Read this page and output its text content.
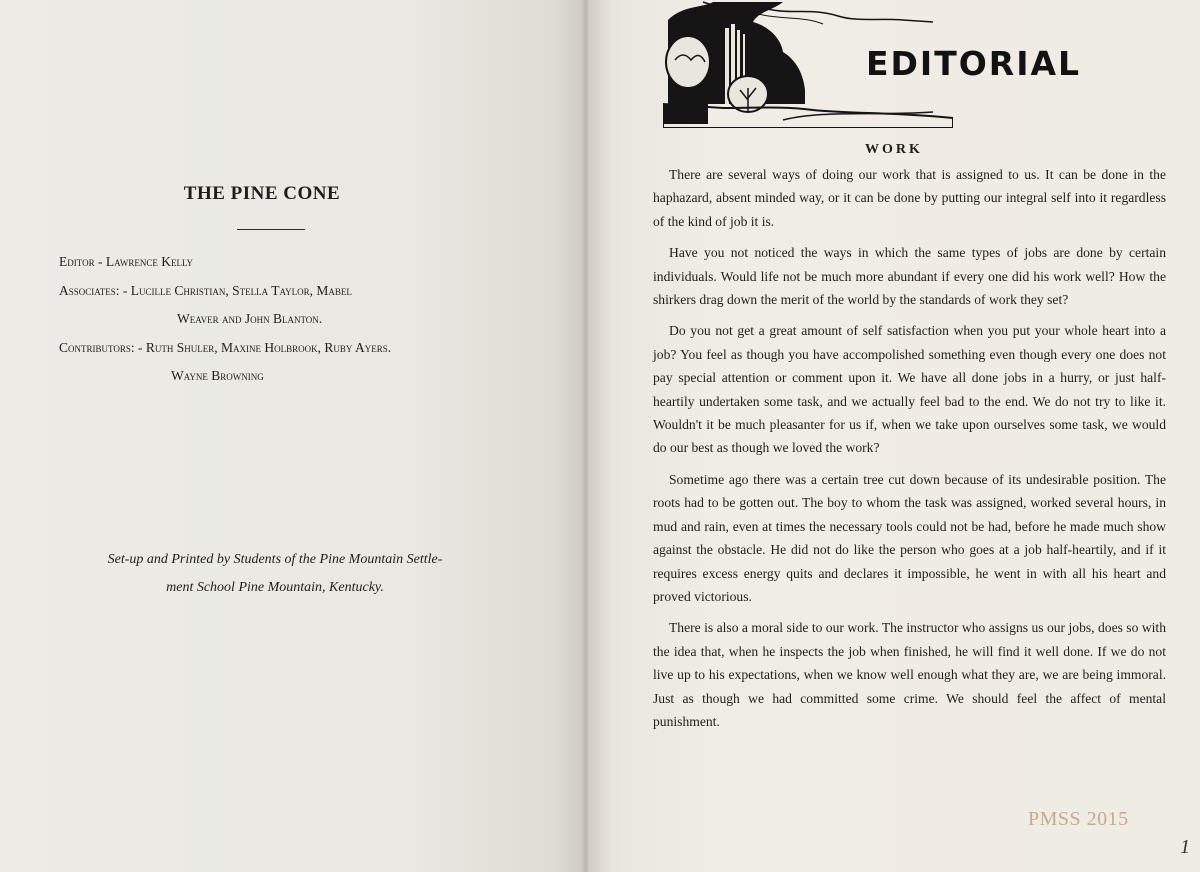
THE PINE CONE
Editor - Lawrence Kelly
Associates: - Lucille Christian, Stella Taylor, Mabel
Weaver and John Blanton.
Contributors: - Ruth Shuler, Maxine Holbrook, Ruby Ayers.
Wayne Browning
Set-up and Printed by Students of the Pine Mountain Settle-
ment School Pine Mountain, Kentucky.
EDITORIAL
WORK

There are several ways of doing our work that is assigned to us. It can be done in the haphazard, absent minded way, or it can be done by putting our integral self into it regardless of the kind of job it is.

Have you not noticed the ways in which the same types of jobs are done by certain individuals. Would life not be much more abundant if every one did his work well? How the shirkers drag down the merit of the world by the standards of work they set?

Do you not get a great amount of self satisfaction when you put your whole heart into a job? You feel as though you have accompolished something even though every one does not pay special attention or comment upon it. We have all done jobs in a hurry, or just half-heartily undertaken some task, and we actually feel bad to the end. We do not try to like it. Wouldn't it be much pleasanter for us if, when we take upon ourselves some task, we would do our best as though we loved the work?

Sometime ago there was a certain tree cut down because of its undesirable position. The roots had to be gotten out. The boy to whom the task was assigned, worked several hours, in mud and rain, even at times the necessary tools could not be had, before he made much show against the obstacle. He did not do like the person who goes at a job half-heartily, and if it requires excess energy quits and declares it impossible, he went in with all his heart and proved victorious.

There is also a moral side to our work. The instructor who assigns us our jobs, does so with the idea that, when he inspects the job when finished, he will find it well done. If we do not live up to his expectations, when we know well enough what they are, we are being immoral. Just as though we had committed some crime. We should feel the affect of mental punishment.

PMSS 2015
1
